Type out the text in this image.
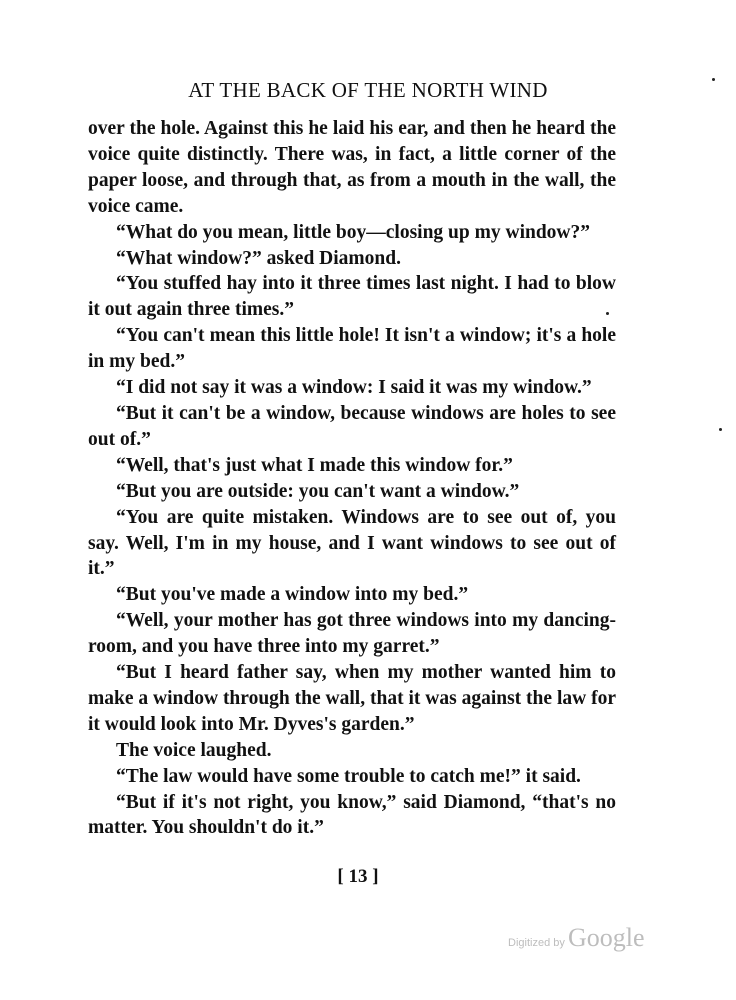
AT THE BACK OF THE NORTH WIND

over the hole. Against this he laid his ear, and then he heard the voice quite distinctly. There was, in fact, a little corner of the paper loose, and through that, as from a mouth in the wall, the voice came.

“What do you mean, little boy—closing up my window?”

“What window?” asked Diamond.

“You stuffed hay into it three times last night. I had to blow it out again three times.”

“You can't mean this little hole! It isn't a window; it's a hole in my bed.”

“I did not say it was a window: I said it was my window.”

“But it can't be a window, because windows are holes to see out of.”

“Well, that's just what I made this window for.”

“But you are outside: you can't want a window.”

“You are quite mistaken. Windows are to see out of, you say. Well, I'm in my house, and I want windows to see out of it.”

“But you've made a window into my bed.”

“Well, your mother has got three windows into my dancing-room, and you have three into my garret.”

“But I heard father say, when my mother wanted him to make a window through the wall, that it was against the law for it would look into Mr. Dyves's garden.”

The voice laughed.

“The law would have some trouble to catch me!” it said.

“But if it's not right, you know,” said Diamond, “that's no matter. You shouldn't do it.”

[ 13 ]
Digitized by Google
